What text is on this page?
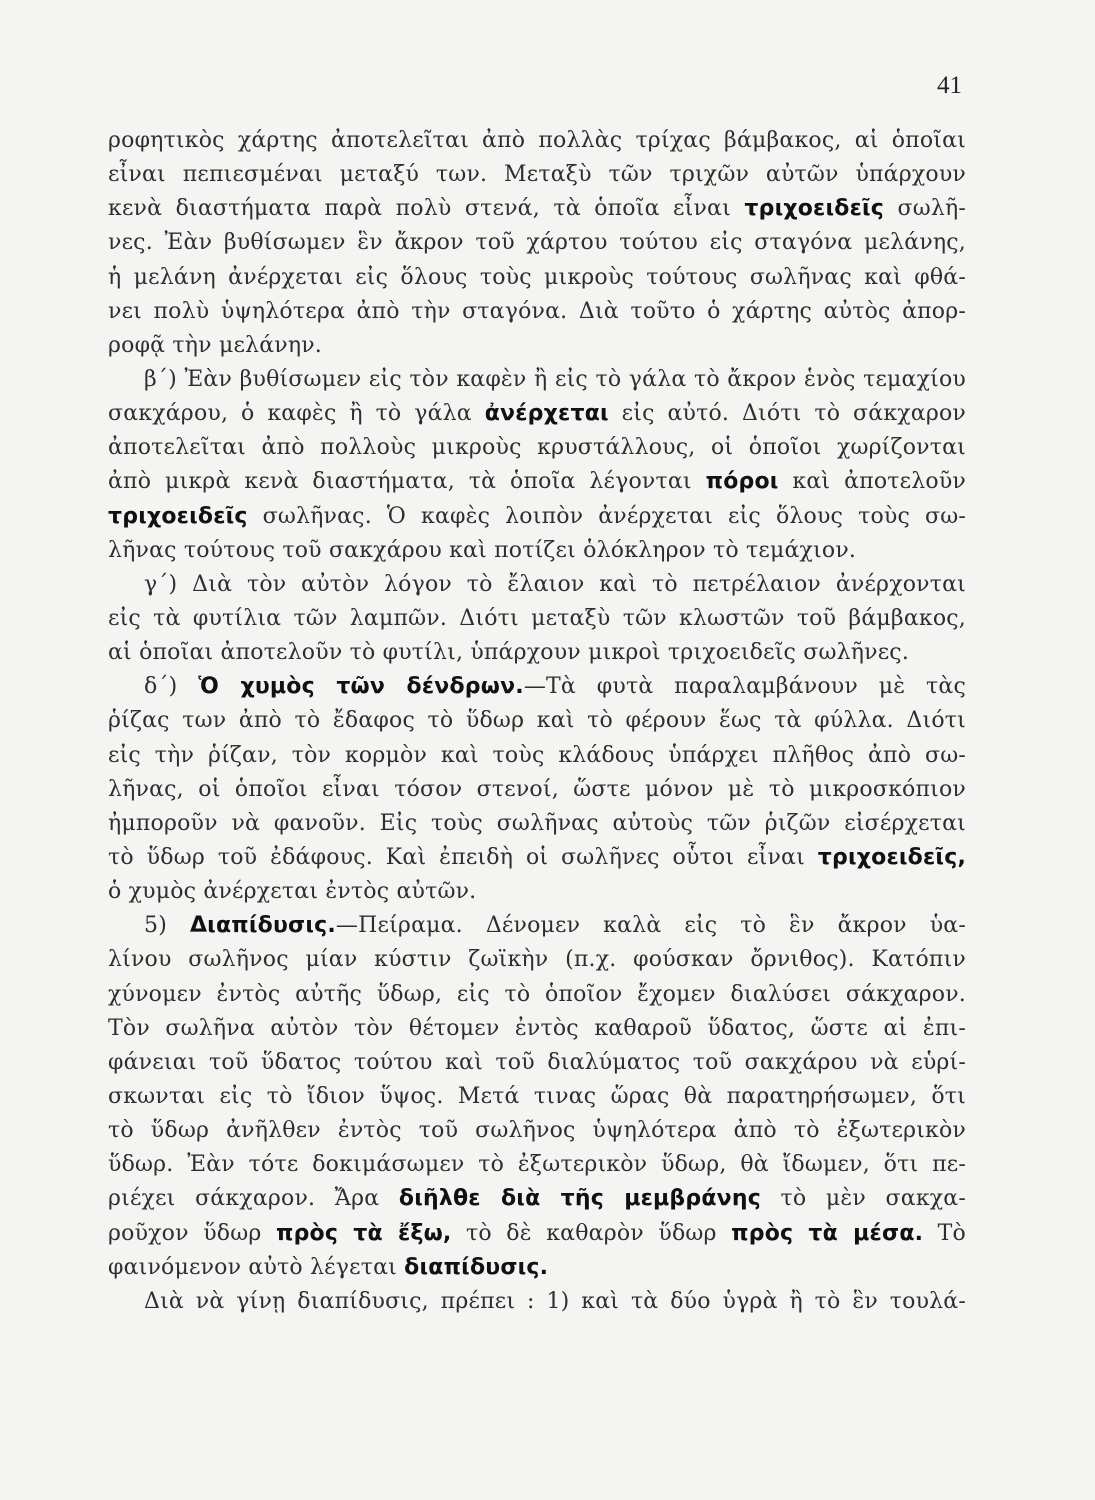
41
ροφητικὸς χάρτης ἀποτελεῖται ἀπὸ πολλὰς τρίχας βάμβακος, αἱ ὁποῖαι
εἶναι πεπιεσμέναι μεταξύ των. Μεταξὺ τῶν τριχῶν αὐτῶν ὑπάρχουν
κενὰ διαστήματα παρὰ πολὺ στενά, τὰ ὁποῖα εἶναι τριχοειδεῖς σωλῆ-
νες. Ἐὰν βυθίσωμεν ἓν ἄκρον τοῦ χάρτου τούτου εἰς σταγόνα μελάνης,
ἡ μελάνη ἀνέρχεται εἰς ὅλους τοὺς μικροὺς τούτους σωλῆνας καὶ φθά-
νει πολὺ ὑψηλότερα ἀπὸ τὴν σταγόνα. Διὰ τοῦτο ὁ χάρτης αὐτὸς ἀπορ-
ροφᾷ τὴν μελάνην.
β΄) Ἐὰν βυθίσωμεν εἰς τὸν καφὲν ἢ εἰς τὸ γάλα τὸ ἄκρον ἑνὸς τεμαχίου
σακχάρου, ὁ καφὲς ἢ τὸ γάλα ἀνέρχεται εἰς αὐτό. Διότι τὸ σάκχαρον
ἀποτελεῖται ἀπὸ πολλοὺς μικροὺς κρυστάλλους, οἱ ὁποῖοι χωρίζονται
ἀπὸ μικρὰ κενὰ διαστήματα, τὰ ὁποῖα λέγονται πόροι καὶ ἀποτελοῦν
τριχοειδεῖς σωλῆνας. Ὁ καφὲς λοιπὸν ἀνέρχεται εἰς ὅλους τοὺς σω-
λῆνας τούτους τοῦ σακχάρου καὶ ποτίζει ὁλόκληρον τὸ τεμάχιον.
γ΄) Διὰ τὸν αὐτὸν λόγον τὸ ἔλαιον καὶ τὸ πετρέλαιον ἀνέρχονται
εἰς τὰ φυτίλια τῶν λαμπῶν. Διότι μεταξὺ τῶν κλωστῶν τοῦ βάμβακος,
αἱ ὁποῖαι ἀποτελοῦν τὸ φυτίλι, ὑπάρχουν μικροὶ τριχοειδεῖς σωλῆνες.
δ΄) Ὁ χυμὸς τῶν δένδρων.—Τὰ φυτὰ παραλαμβάνουν μὲ τὰς
ῥίζας των ἀπὸ τὸ ἔδαφος τὸ ὕδωρ καὶ τὸ φέρουν ἕως τὰ φύλλα. Διότι
εἰς τὴν ῥίζαν, τὸν κορμὸν καὶ τοὺς κλάδους ὑπάρχει πλῆθος ἀπὸ σω-
λῆνας, οἱ ὁποῖοι εἶναι τόσον στενοί, ὥστε μόνον μὲ τὸ μικροσκόπιον
ἠμποροῦν νὰ φανοῦν. Εἰς τοὺς σωλῆνας αὐτοὺς τῶν ῥιζῶν εἰσέρχεται
τὸ ὕδωρ τοῦ ἐδάφους. Καὶ ἐπειδὴ οἱ σωλῆνες οὗτοι εἶναι τριχοειδεῖς,
ὁ χυμὸς ἀνέρχεται ἐντὸς αὐτῶν.
5) Διαπίδυσις.—Πείραμα. Δένομεν καλὰ εἰς τὸ ἓν ἄκρον ὑα-
λίνου σωλῆνος μίαν κύστιν ζωϊκὴν (π.χ. φούσκαν ὄρνιθος). Κατόπιν
χύνομεν ἐντὸς αὐτῆς ὕδωρ, εἰς τὸ ὁποῖον ἔχομεν διαλύσει σάκχαρον.
Τὸν σωλῆνα αὐτὸν τὸν θέτομεν ἐντὸς καθαροῦ ὕδατος, ὥστε αἱ ἐπι-
φάνειαι τοῦ ὕδατος τούτου καὶ τοῦ διαλύματος τοῦ σακχάρου νὰ εὑρί-
σκωνται εἰς τὸ ἴδιον ὕψος. Μετά τινας ὥρας θὰ παρατηρήσωμεν, ὅτι
τὸ ὕδωρ ἀνῆλθεν ἐντὸς τοῦ σωλῆνος ὑψηλότερα ἀπὸ τὸ ἐξωτερικὸν
ὕδωρ. Ἐὰν τότε δοκιμάσωμεν τὸ ἐξωτερικὸν ὕδωρ, θὰ ἴδωμεν, ὅτι πε-
ριέχει σάκχαρον. Ἄρα διῆλθε διὰ τῆς μεμβράνης τὸ μὲν σακχα-
ροῦχον ὕδωρ πρὸς τὰ ἔξω, τὸ δὲ καθαρὸν ὕδωρ πρὸς τὰ μέσα. Τὸ
φαινόμενον αὐτὸ λέγεται διαπίδυσις.
Διὰ νὰ γίνῃ διαπίδυσις, πρέπει : 1) καὶ τὰ δύο ὑγρὰ ἢ τὸ ἓν τουλά-
